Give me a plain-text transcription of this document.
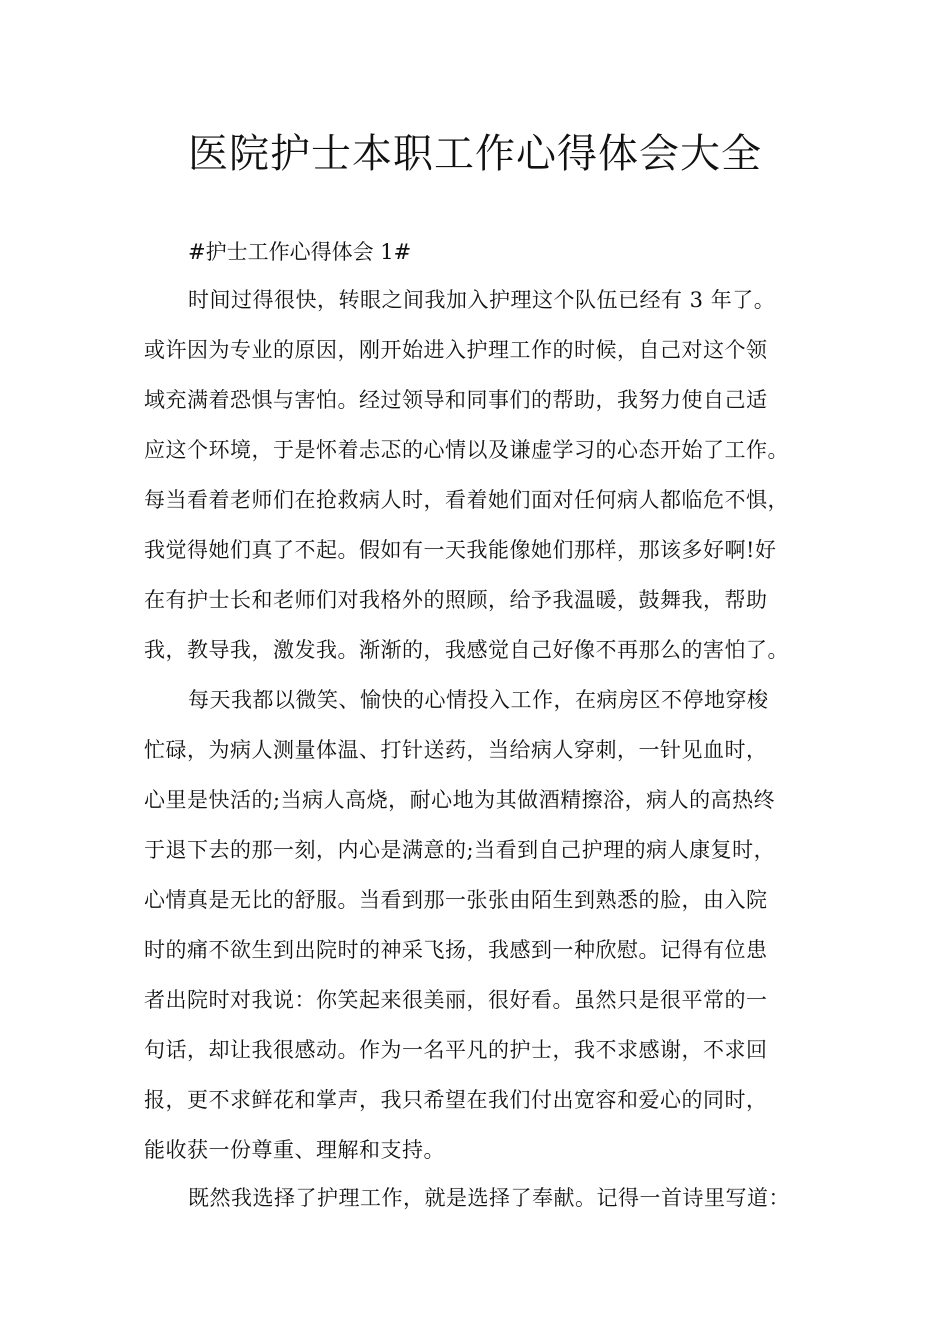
医院护士本职工作心得体会大全

#护士工作心得体会 1#

时间过得很快，转眼之间我加入护理这个队伍已经有 3 年了。
或许因为专业的原因，刚开始进入护理工作的时候，自己对这个领
域充满着恐惧与害怕。经过领导和同事们的帮助，我努力使自己适
应这个环境，于是怀着忐忑的心情以及谦虚学习的心态开始了工作。
每当看着老师们在抢救病人时，看着她们面对任何病人都临危不惧，
我觉得她们真了不起。假如有一天我能像她们那样，那该多好啊!好
在有护士长和老师们对我格外的照顾，给予我温暖，鼓舞我，帮助
我，教导我，激发我。渐渐的，我感觉自己好像不再那么的害怕了。
每天我都以微笑、愉快的心情投入工作，在病房区不停地穿梭
忙碌，为病人测量体温、打针送药，当给病人穿刺，一针见血时，
心里是快活的;当病人高烧，耐心地为其做酒精擦浴，病人的高热终
于退下去的那一刻，内心是满意的;当看到自己护理的病人康复时，
心情真是无比的舒服。当看到那一张张由陌生到熟悉的脸，由入院
时的痛不欲生到出院时的神采飞扬，我感到一种欣慰。记得有位患
者出院时对我说：你笑起来很美丽，很好看。虽然只是很平常的一
句话，却让我很感动。作为一名平凡的护士，我不求感谢，不求回
报，更不求鲜花和掌声，我只希望在我们付出宽容和爱心的同时，
能收获一份尊重、理解和支持。
既然我选择了护理工作，就是选择了奉献。记得一首诗里写道：
